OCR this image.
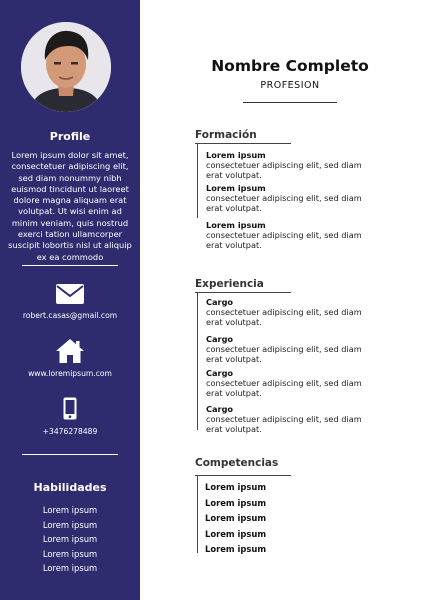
Profile

Lorem ipsum dolor sit amet, consectetuer adipiscing elit, sed diam nonummy nibh euismod tincidunt ut laoreet dolore magna aliquam erat volutpat. Ut wisi enim ad minim veniam, quis nostrud exerci tation ullamcorper suscipit lobortis nisl ut aliquip ex ea commodo

robert.casas@gmail.com
www.loremipsum.com
+3476278489
Habilidades
Lorem ipsum
Lorem ipsum
Lorem ipsum
Lorem ipsum
Lorem ipsum
Nombre Completo
PROFESION
Formación
Lorem ipsum
consectetuer adipiscing elit, sed diam erat volutpat.
Lorem ipsum
consectetuer adipiscing elit, sed diam erat volutpat.
Lorem ipsum
consectetuer adipiscing elit, sed diam erat volutpat.
Experiencia
Cargo
consectetuer adipiscing elit, sed diam erat volutpat.
Cargo
consectetuer adipiscing elit, sed diam erat volutpat.
Cargo
consectetuer adipiscing elit, sed diam erat volutpat.
Cargo
consectetuer adipiscing elit, sed diam erat volutpat.
Competencias
Lorem ipsum
Lorem ipsum
Lorem ipsum
Lorem ipsum
Lorem ipsum
